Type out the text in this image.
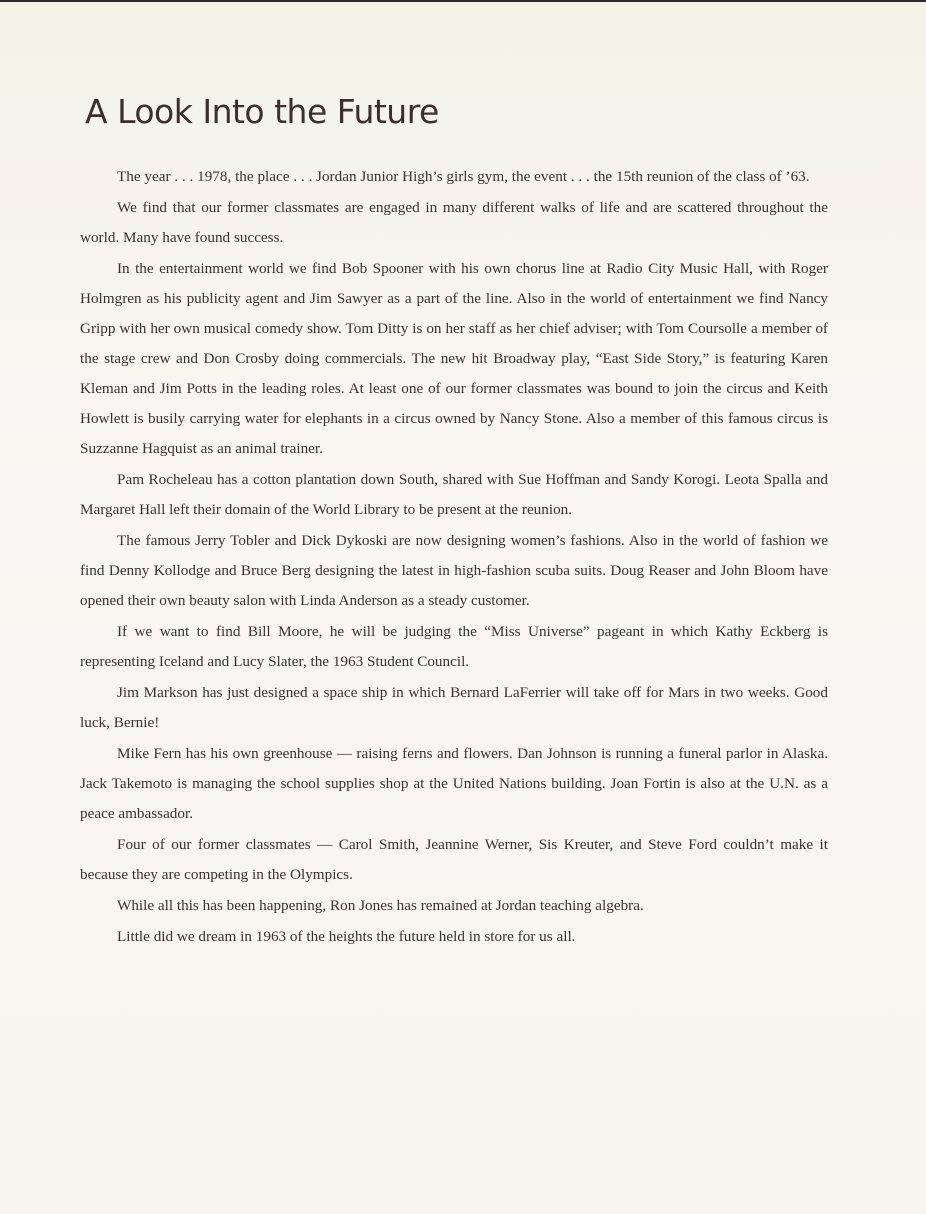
A Look Into the Future

The year . . . 1978, the place . . . Jordan Junior High’s girls gym, the event . . . the 15th reunion of the class of ’63.

We find that our former classmates are engaged in many different walks of life and are scattered throughout the world. Many have found success.

In the entertainment world we find Bob Spooner with his own chorus line at Radio City Music Hall, with Roger Holmgren as his publicity agent and Jim Sawyer as a part of the line. Also in the world of entertainment we find Nancy Gripp with her own musical comedy show. Tom Ditty is on her staff as her chief adviser; with Tom Coursolle a member of the stage crew and Don Crosby doing commercials. The new hit Broadway play, “East Side Story,” is featuring Karen Kleman and Jim Potts in the leading roles. At least one of our former classmates was bound to join the circus and Keith Howlett is busily carrying water for elephants in a circus owned by Nancy Stone. Also a member of this famous circus is Suzzanne Hagquist as an animal trainer.

Pam Rocheleau has a cotton plantation down South, shared with Sue Hoffman and Sandy Korogi. Leota Spalla and Margaret Hall left their domain of the World Library to be present at the reunion.

The famous Jerry Tobler and Dick Dykoski are now designing women’s fashions. Also in the world of fashion we find Denny Kollodge and Bruce Berg designing the latest in high-fashion scuba suits. Doug Reaser and John Bloom have opened their own beauty salon with Linda Anderson as a steady customer.

If we want to find Bill Moore, he will be judging the “Miss Universe” pageant in which Kathy Eckberg is representing Iceland and Lucy Slater, the 1963 Student Council.

Jim Markson has just designed a space ship in which Bernard LaFerrier will take off for Mars in two weeks. Good luck, Bernie!

Mike Fern has his own greenhouse — raising ferns and flowers. Dan Johnson is running a funeral parlor in Alaska. Jack Takemoto is managing the school supplies shop at the United Nations building. Joan Fortin is also at the U.N. as a peace ambassador.

Four of our former classmates — Carol Smith, Jeannine Werner, Sis Kreuter, and Steve Ford couldn’t make it because they are competing in the Olympics.

While all this has been happening, Ron Jones has remained at Jordan teaching algebra.

Little did we dream in 1963 of the heights the future held in store for us all.
